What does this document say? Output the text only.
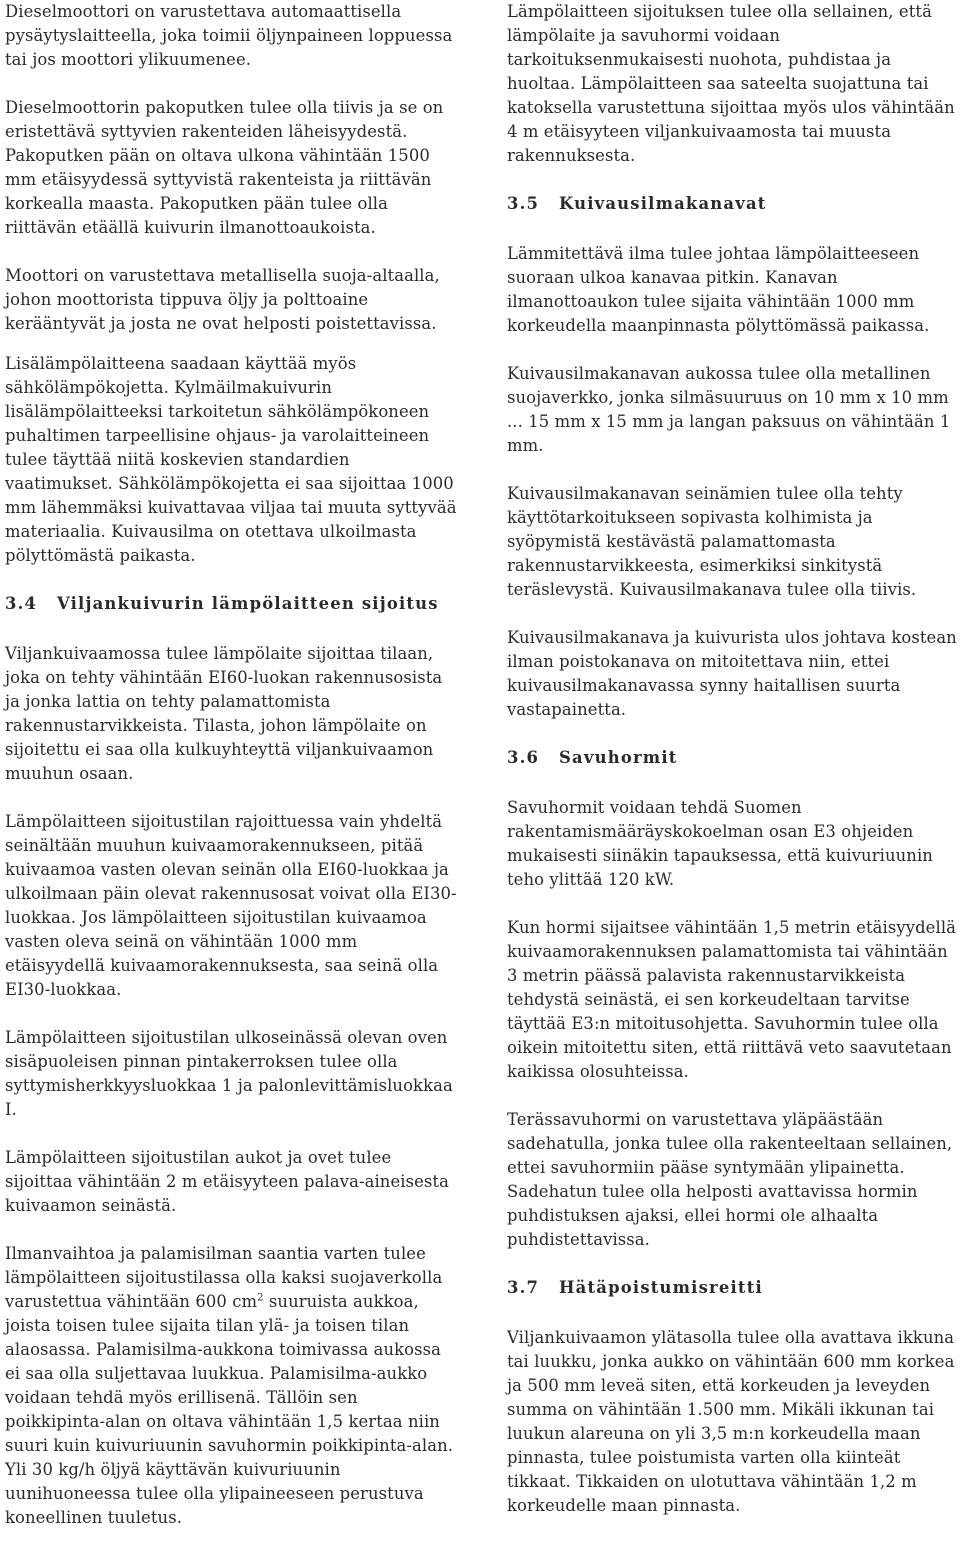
Dieselmoottori on varustettava automaattisella pysäytyslaitteella, joka toimii öljynpaineen loppuessa tai jos moottori ylikuumenee.

Dieselmoottorin pakoputken tulee olla tiivis ja se on eristettävä syttyvien rakenteiden läheisyydestä. Pakoputken pään on oltava ulkona vähintään 1500 mm etäisyydessä syttyvistä rakenteista ja riittävän korkealla maasta. Pakoputken pään tulee olla riittävän etäällä kuivurin ilmanottoaukoista.

Moottori on varustettava metallisella suoja-altaalla, johon moottorista tippuva öljy ja polttoaine kerääntyvät ja josta ne ovat helposti poistettavissa.

Lisälämpölaitteena saadaan käyttää myös sähkölämpökojetta. Kylmäilmakuivurin lisälämpölaitteeksi tarkoitetun sähkölämpökoneen puhaltimen tarpeellisine ohjaus- ja varolaitteineen tulee täyttää niitä koskevien standardien vaatimukset. Sähkölämpökojetta ei saa sijoittaa 1000 mm lähemmäksi kuivattavaa viljaa tai muuta syttyvää materiaalia. Kuivausilma on otettava ulkoilmasta pölyttömästä paikasta.

3.4 Viljankuivurin lämpölaitteen sijoitus

Viljankuivaamossa tulee lämpölaite sijoittaa tilaan, joka on tehty vähintään EI60-luokan rakennusosista ja jonka lattia on tehty palamattomista rakennustarvikkeista. Tilasta, johon lämpölaite on sijoitettu ei saa olla kulkuyhteyttä viljankuivaamon muuhun osaan.

Lämpölaitteen sijoitustilan rajoittuessa vain yhdeltä seinältään muuhun kuivaamorakennukseen, pitää kuivaamoa vasten olevan seinän olla EI60-luokkaa ja ulkoilmaan päin olevat rakennusosat voivat olla EI30-luokkaa. Jos lämpölaitteen sijoitustilan kuivaamoa vasten oleva seinä on vähintään 1000 mm etäisyydellä kuivaamorakennuksesta, saa seinä olla EI30-luokkaa.

Lämpölaitteen sijoitustilan ulkoseinässä olevan oven sisäpuoleisen pinnan pintakerroksen tulee olla syttymisherkkyysluokkaa 1 ja palonlevittämisluokkaa I.

Lämpölaitteen sijoitustilan aukot ja ovet tulee sijoittaa vähintään 2 m etäisyyteen palava-aineisesta kuivaamon seinästä.

Ilmanvaihtoa ja palamisilman saantia varten tulee lämpölaitteen sijoitustilassa olla kaksi suojaverkolla varustettua vähintään 600 $cm^2$ suuruista aukkoa, joista toisen tulee sijaita tilan ylä- ja toisen tilan alaosassa. Palamisilma-aukkona toimivassa aukossa ei saa olla suljettavaa luukkua. Palamisilma-aukko voidaan tehdä myös erillisenä. Tällöin sen poikkipinta-alan on oltava vähintään 1,5 kertaa niin suuri kuin kuivuriuunin savuhormin poikkipinta-alan. Yli 30 kg/h öljyä käyttävän kuivuriuunin uunihuoneessa tulee olla ylipaineeseen perustuva koneellinen tuuletus.

Lämpölaitteen sijoituksen tulee olla sellainen, että lämpölaite ja savuhormi voidaan tarkoituksenmukaisesti nuohota, puhdistaa ja huoltaa. Lämpölaitteen saa sateelta suojattuna tai katoksella varustettuna sijoittaa myös ulos vähintään 4 m etäisyyteen viljankuivaamosta tai muusta rakennuksesta.

3.5 Kuivausilmakanavat

Lämmitettävä ilma tulee johtaa lämpölaitteeseen suoraan ulkoa kanavaa pitkin. Kanavan ilmanottoaukon tulee sijaita vähintään 1000 mm korkeudella maanpinnasta pölyttömässä paikassa.

Kuivausilmakanavan aukossa tulee olla metallinen suojaverkko, jonka silmäsuuruus on 10 mm x 10 mm ... 15 mm x 15 mm ja langan paksuus on vähintään 1 mm.

Kuivausilmakanavan seinämien tulee olla tehty käyttötarkoitukseen sopivasta kolhimista ja syöpymistä kestävästä palamattomasta rakennustarvikkeesta, esimerkiksi sinkitystä teräslevystä. Kuivausilmakanava tulee olla tiivis.

Kuivausilmakanava ja kuivurista ulos johtava kostean ilman poistokanava on mitoitettava niin, ettei kuivausilmakanavassa synny haitallisen suurta vastapainetta.

3.6 Savuhormit

Savuhormit voidaan tehdä Suomen rakentamismääräyskokoelman osan E3 ohjeiden mukaisesti siinäkin tapauksessa, että kuivuriuunin teho ylittää 120 kW.

Kun hormi sijaitsee vähintään 1,5 metrin etäisyydellä kuivaamorakennuksen palamattomista tai vähintään 3 metrin päässä palavista rakennustarvikkeista tehdystä seinästä, ei sen korkeudeltaan tarvitse täyttää E3:n mitoitusohjetta. Savuhormin tulee olla oikein mitoitettu siten, että riittävä veto saavutetaan kaikissa olosuhteissa.

Terässavuhormi on varustettava yläpäästään sadehatulla, jonka tulee olla rakenteeltaan sellainen, ettei savuhormiin pääse syntymään ylipainetta. Sadehatun tulee olla helposti avattavissa hormin puhdistuksen ajaksi, ellei hormi ole alhaalta puhdistettavissa.

3.7 Hätäpoistumisreitti

Viljankuivaamon ylätasolla tulee olla avattava ikkuna tai luukku, jonka aukko on vähintään 600 mm korkea ja 500 mm leveä siten, että korkeuden ja leveyden summa on vähintään 1.500 mm. Mikäli ikkunan tai luukun alareuna on yli 3,5 m:n korkeudella maan pinnasta, tulee poistumista varten olla kiinteät tikkaat. Tikkaiden on ulotuttava vähintään 1,2 m korkeudelle maan pinnasta.
